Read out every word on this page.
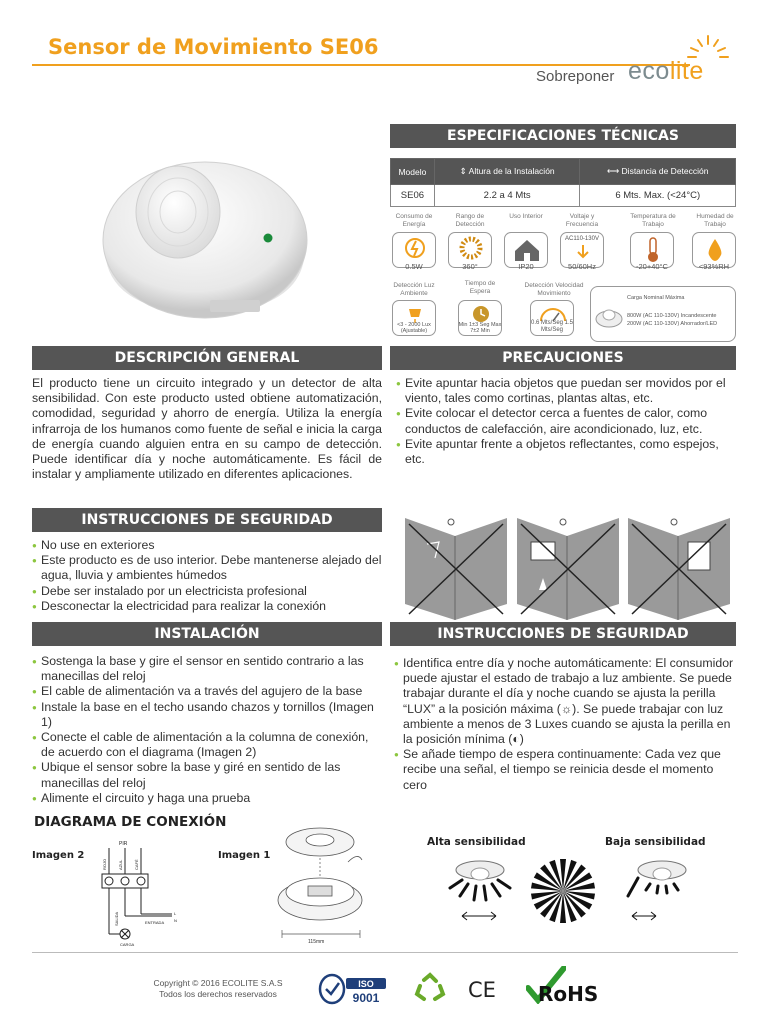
Sensor de Movimiento SE06
Sobreponer ecolite
ESPECIFICACIONES TÉCNICAS
Modelo	⇕ Altura de la Instalación	⟷ Distancia de Detección
SE06	2.2 a 4 Mts	6 Mts. Max. (<24°C)
Consumo de Energía
0.5W
Rango de Detección
360°
Uso Interior
IP20
Voltaje y Frecuencia
AC110-130V
50/60Hz
Temperatura de Trabajo
-20+40°C
Humedad de Trabajo
<93%RH
Detección Luz Ambiente
<3 - 2000 Lux (Ajustable)
Tiempo de Espera
Min 1±3 Seg Max 7±2 Min
Detección Velocidad Movimiento
0.6 Mts/Seg 1.5 Mts/Seg
Carga Nominal Máxima
800W (AC 110-130V) Incandescente
200W (AC 110-130V) Ahorrador/LED
DESCRIPCIÓN GENERAL
El producto tiene un circuito integrado y un detector de alta sensibilidad. Con este producto usted obtiene automatización, comodidad, seguridad y ahorro de energía. Utiliza la energía infrarroja de los humanos como fuente de señal e inicia la carga de energía cuando alguien entra en su campo de detección. Puede identificar día y noche automáticamente. Es fácil de instalar y ampliamente utilizado en diferentes aplicaciones.
PRECAUCIONES
● Evite apuntar hacia objetos que puedan ser movidos por el viento, tales como cortinas, plantas altas, etc.
● Evite colocar el detector cerca a fuentes de calor, como conductos de calefacción, aire acondicionado, luz, etc.
● Evite apuntar frente a objetos reflectantes, como espejos, etc.
INSTRUCCIONES DE SEGURIDAD
● No use en exteriores
● Este producto es de uso interior. Debe mantenerse alejado del agua, lluvia y ambientes húmedos
● Debe ser instalado por un electricista profesional
● Desconectar la electricidad para realizar la conexión
INSTALACIÓN
● Sostenga la base y gire el sensor en sentido contrario a las manecillas del reloj
● El cable de alimentación va a través del agujero de la base
● Instale la base en el techo usando chazos y tornillos (Imagen 1)
● Conecte el cable de alimentación a la columna de conexión, de acuerdo con el diagrama (Imagen 2)
● Ubique el sensor sobre la base y giré en sentido de las manecillas del reloj
● Alimente el circuito y haga una prueba
INSTRUCCIONES DE SEGURIDAD
● Identifica entre día y noche automáticamente: El consumidor puede ajustar el estado de trabajo a luz ambiente. Se puede trabajar durante el día y noche cuando se ajusta la perilla “LUX” a la posición máxima (☼). Se puede trabajar con luz ambiente a menos de 3 Luxes cuando se ajusta la perilla en la posición mínima (◐)
● Se añade tiempo de espera continuamente: Cada vez que recibe una señal, el tiempo se reinicia desde el momento cero
DIAGRAMA DE CONEXIÓN
Imagen 2	Imagen 1
PIR
ROJO	AZUL	CAFÉ
SALIDA	ENTRADA
L
N
CARGA	115mm
Alta sensibilidad	Baja sensibilidad
Copyright © 2016 ECOLITE S.A.S
Todos los derechos reservados
ISO
9001	CE RoHS
